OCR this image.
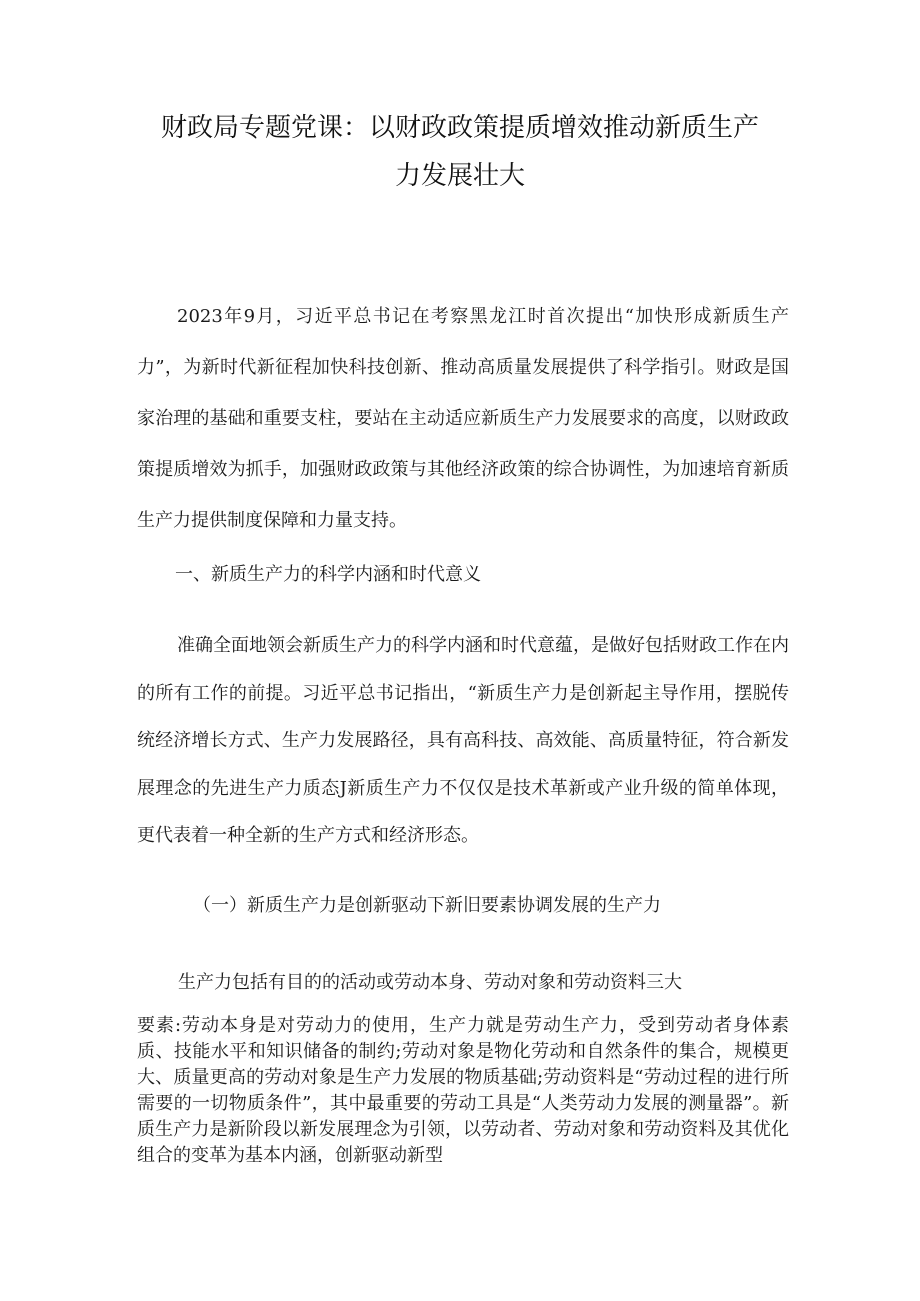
财政局专题党课：以财政政策提质增效推动新质生产
力发展壮大

2023年9月，习近平总书记在考察黑龙江时首次提出“加快形成新质生产力”，为新时代新征程加快科技创新、推动高质量发展提供了科学指引。财政是国家治理的基础和重要支柱，要站在主动适应新质生产力发展要求的高度，以财政政策提质增效为抓手，加强财政政策与其他经济政策的综合协调性，为加速培育新质生产力提供制度保障和力量支持。

一、新质生产力的科学内涵和时代意义

准确全面地领会新质生产力的科学内涵和时代意蕴，是做好包括财政工作在内的所有工作的前提。习近平总书记指出，“新质生产力是创新起主导作用，摆脱传统经济增长方式、生产力发展路径，具有高科技、高效能、高质量特征，符合新发展理念的先进生产力质态J新质生产力不仅仅是技术革新或产业升级的简单体现，更代表着一种全新的生产方式和经济形态。

（一）新质生产力是创新驱动下新旧要素协调发展的生产力

生产力包括有目的的活动或劳动本身、劳动对象和劳动资料三大

要素:劳动本身是对劳动力的使用，生产力就是劳动生产力，受到劳动者身体素质、技能水平和知识储备的制约;劳动对象是物化劳动和自然条件的集合，规模更大、质量更高的劳动对象是生产力发展的物质基础;劳动资料是“劳动过程的进行所需要的一切物质条件”，其中最重要的劳动工具是“人类劳动力发展的测量器”。新质生产力是新阶段以新发展理念为引领，以劳动者、劳动对象和劳动资料及其优化组合的变革为基本内涵，创新驱动新型
